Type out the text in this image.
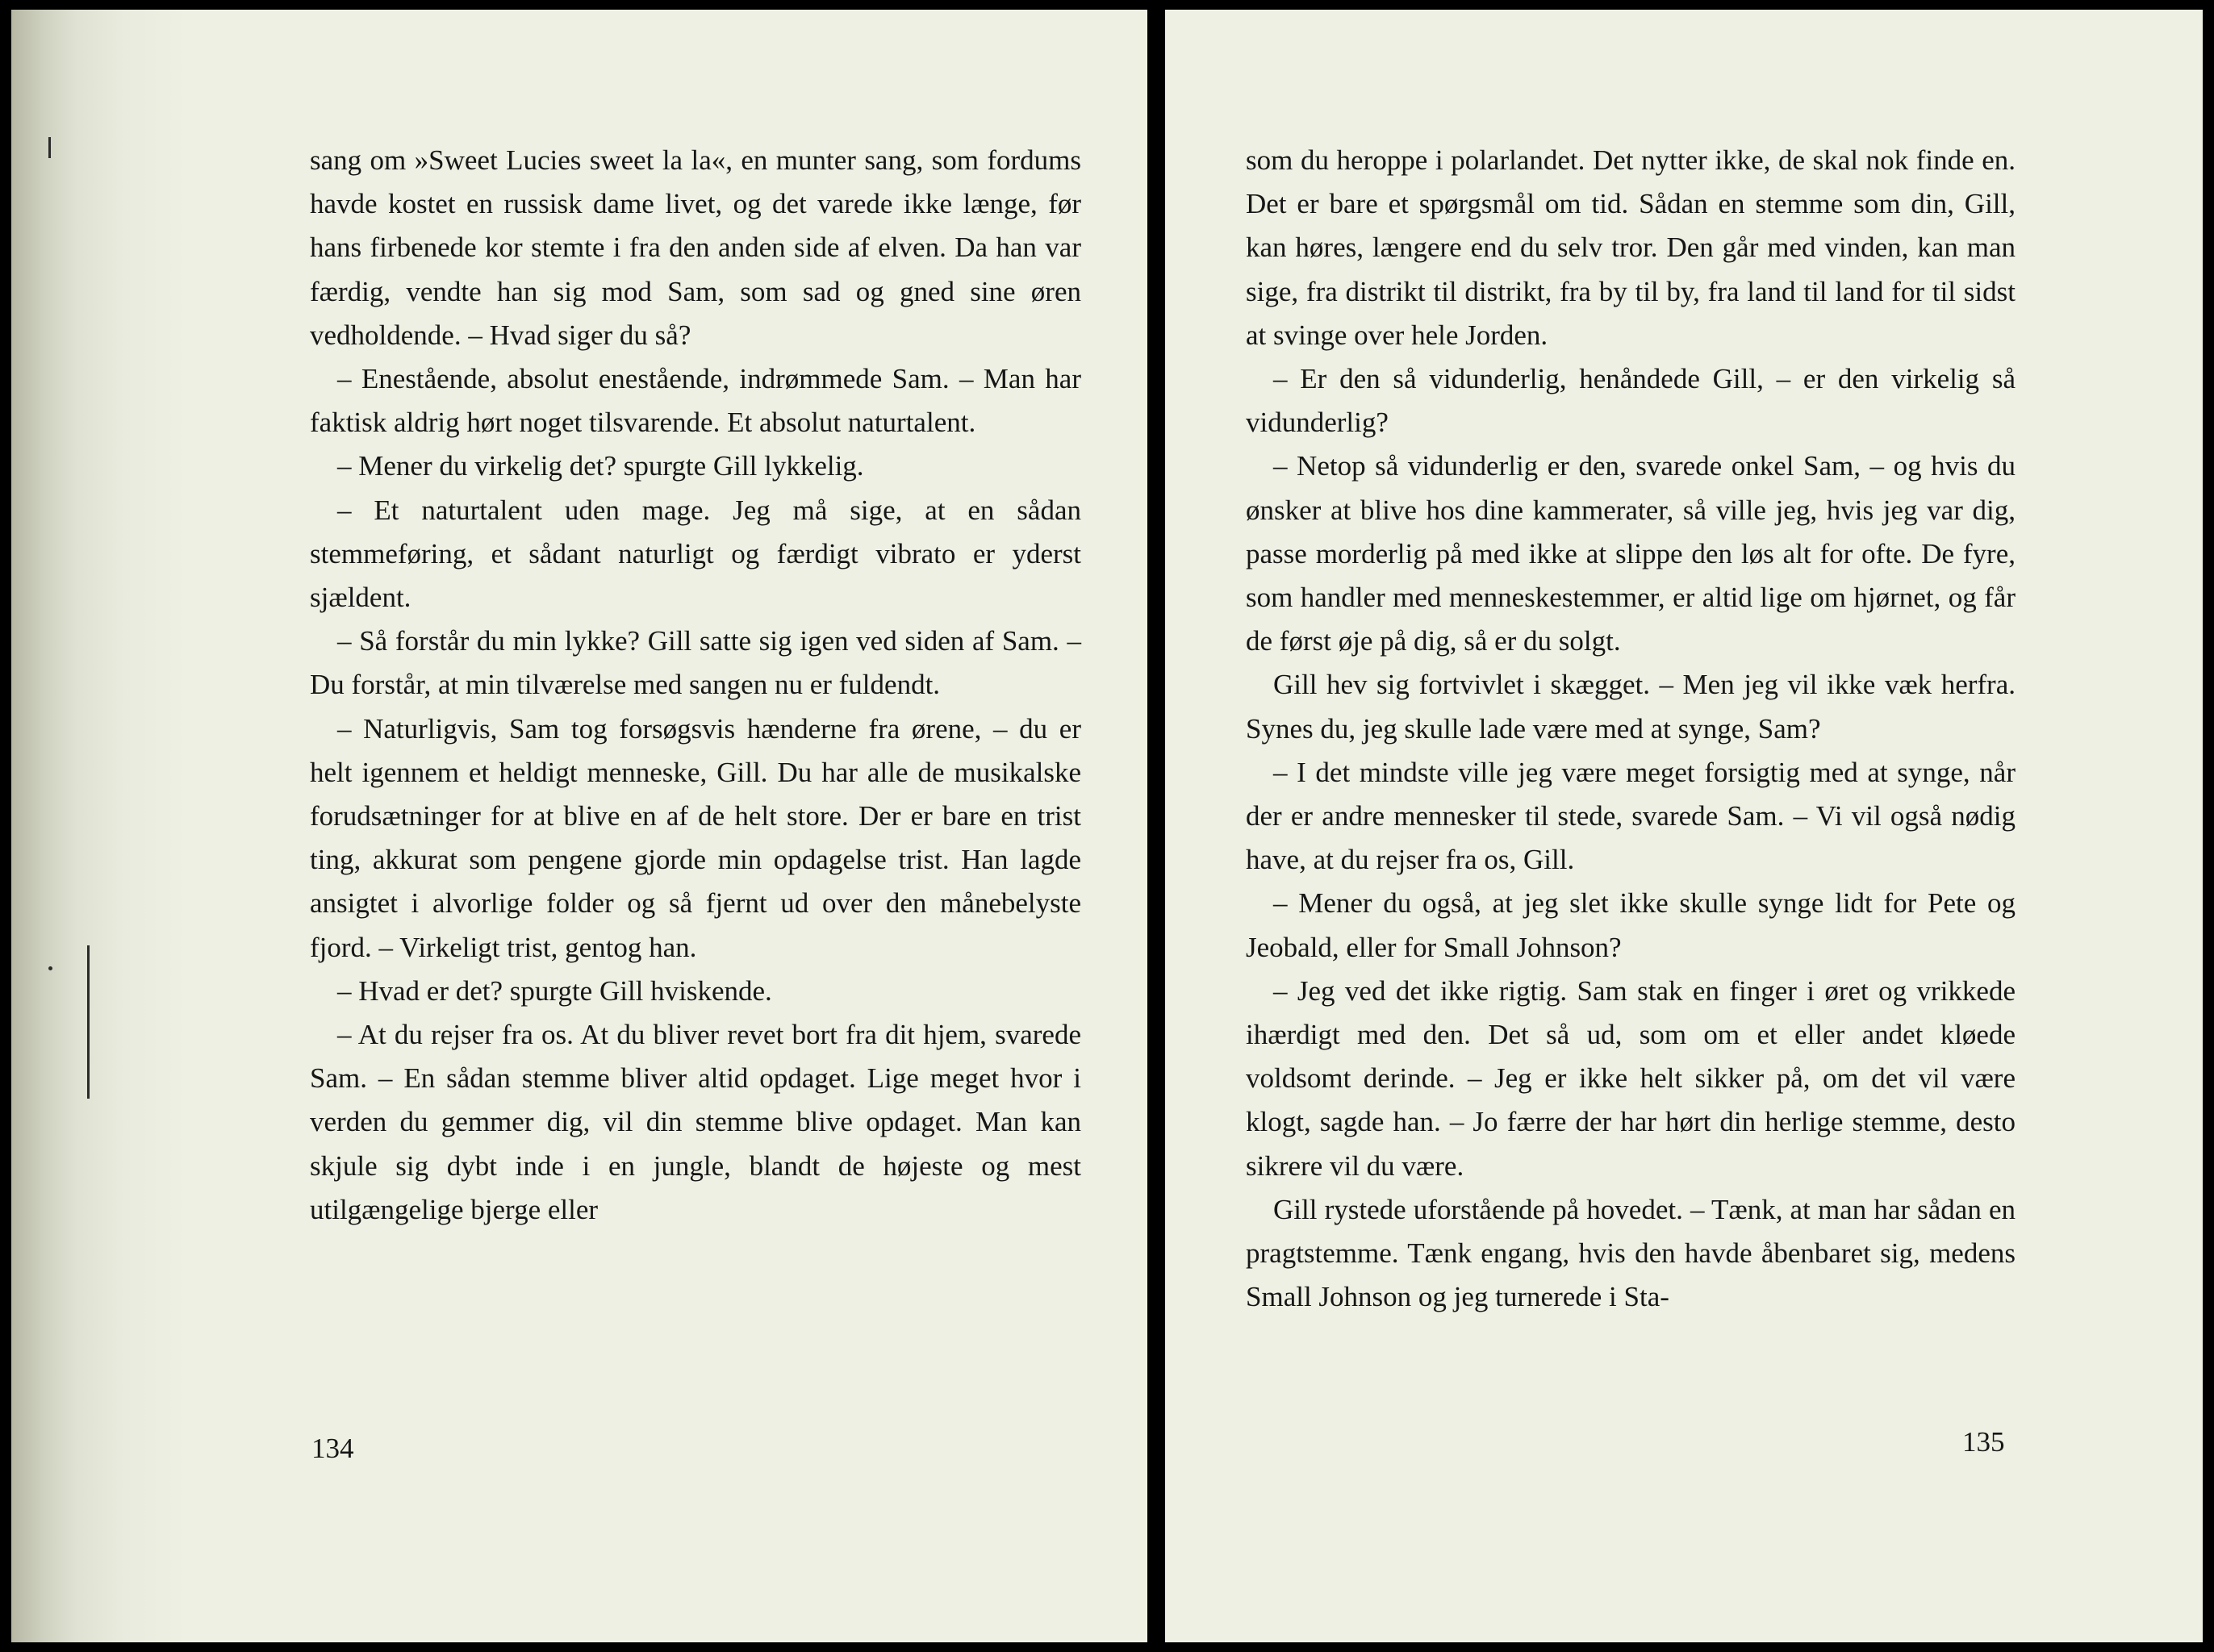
sang om »Sweet Lucies sweet la la«, en munter sang, som fordums havde kostet en russisk dame livet, og det varede ikke længe, før hans firbenede kor stemte i fra den anden side af elven. Da han var færdig, vendte han sig mod Sam, som sad og gned sine øren vedholdende. – Hvad siger du så?

– Enestående, absolut enestående, indrømmede Sam. – Man har faktisk aldrig hørt noget tilsvarende. Et absolut naturtalent.

– Mener du virkelig det? spurgte Gill lykkelig.

– Et naturtalent uden mage. Jeg må sige, at en sådan stemmeføring, et sådant naturligt og færdigt vibrato er yderst sjældent.

– Så forstår du min lykke? Gill satte sig igen ved siden af Sam. – Du forstår, at min tilværelse med sangen nu er fuldendt.

– Naturligvis, Sam tog forsøgsvis hænderne fra ørene, – du er helt igennem et heldigt menneske, Gill. Du har alle de musikalske forudsætninger for at blive en af de helt store. Der er bare en trist ting, akkurat som pengene gjorde min opdagelse trist. Han lagde ansigtet i alvorlige folder og så fjernt ud over den månebelyste fjord. – Virkeligt trist, gentog han.

– Hvad er det? spurgte Gill hviskende.

– At du rejser fra os. At du bliver revet bort fra dit hjem, svarede Sam. – En sådan stemme bliver altid opdaget. Lige meget hvor i verden du gemmer dig, vil din stemme blive opdaget. Man kan skjule sig dybt inde i en jungle, blandt de højeste og mest utilgængelige bjerge eller

134

som du heroppe i polarlandet. Det nytter ikke, de skal nok finde en. Det er bare et spørgsmål om tid. Sådan en stemme som din, Gill, kan høres, længere end du selv tror. Den går med vinden, kan man sige, fra distrikt til distrikt, fra by til by, fra land til land for til sidst at svinge over hele Jorden.

– Er den så vidunderlig, henåndede Gill, – er den virkelig så vidunderlig?

– Netop så vidunderlig er den, svarede onkel Sam, – og hvis du ønsker at blive hos dine kammerater, så ville jeg, hvis jeg var dig, passe morderlig på med ikke at slippe den løs alt for ofte. De fyre, som handler med menneskestemmer, er altid lige om hjørnet, og får de først øje på dig, så er du solgt.

Gill hev sig fortvivlet i skægget. – Men jeg vil ikke væk herfra. Synes du, jeg skulle lade være med at synge, Sam?

– I det mindste ville jeg være meget forsigtig med at synge, når der er andre mennesker til stede, svarede Sam. – Vi vil også nødig have, at du rejser fra os, Gill.

– Mener du også, at jeg slet ikke skulle synge lidt for Pete og Jeobald, eller for Small Johnson?

– Jeg ved det ikke rigtig. Sam stak en finger i øret og vrikkede ihærdigt med den. Det så ud, som om et eller andet kløede voldsomt derinde. – Jeg er ikke helt sikker på, om det vil være klogt, sagde han. – Jo færre der har hørt din herlige stemme, desto sikrere vil du være.

Gill rystede uforstående på hovedet. – Tænk, at man har sådan en pragtstemme. Tænk engang, hvis den havde åbenbaret sig, medens Small Johnson og jeg turnerede i Sta-

135
